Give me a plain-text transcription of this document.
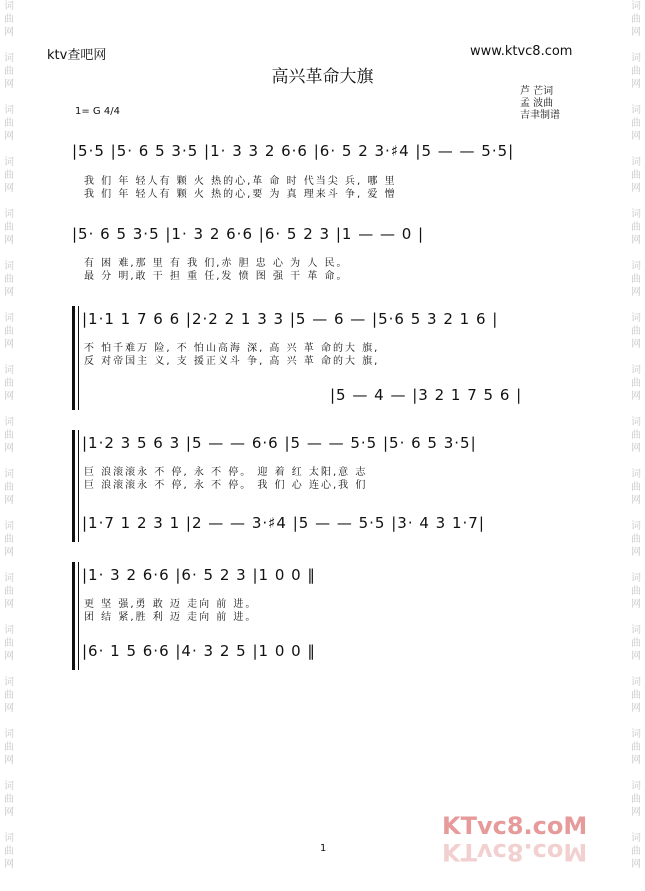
词
曲
网

词
曲
网

词
曲
网

词
曲
网

词
曲
网

词
曲
网

词
曲
网

词
曲
网

词
曲
网

词
曲
网

词
曲
网

词
曲
网

词
曲
网

词
曲
网

词
曲
网

词
曲
网

词
曲
网
词
曲
网

词
曲
网

词
曲
网

词
曲
网

词
曲
网

词
曲
网

词
曲
网

词
曲
网

词
曲
网

词
曲
网

词
曲
网

词
曲
网

词
曲
网

词
曲
网

词
曲
网

词
曲
网

词
曲
网
ktv查吧网	www.ktvc8.com
高兴革命大旗
芦 芒词
孟 波曲
吉聿制谱
1= G 4/4
|5·5 |5· 6 5 3·5 |1· 3 3 2 6·6 |6· 5 2 3·♯4 |5 — — 5·5|
我 们 年 轻人有 颗 火 热的心,革 命 时 代当尖 兵, 哪 里
我 们 年 轻人有 颗 火 热的心,要 为 真 理来斗 争, 爱 憎
|5· 6 5 3·5 |1· 3 2 6·6 |6· 5 2 3 |1 — — 0 |
有 困 难,那 里 有 我 们,赤 胆 忠 心 为 人 民。
最 分 明,敢 干 担 重 任,发 愤 图 强 干 革 命。
|1·1 1 7 6 6 |2·2 2 1 3 3 |5 — 6 — |5·6 5 3 2 1 6 |
不 怕千难万 险, 不 怕山高海 深, 高 兴 革 命的大 旗,
反 对帝国主 义, 支 援正义斗 争, 高 兴 革 命的大 旗,
|5 — 4 — |3 2 1 7 5 6 |
|1·2 3 5 6 3 |5 — — 6·6 |5 — — 5·5 |5· 6 5 3·5|
巨 浪滚滚永 不 停, 永 不 停。 迎 着 红 太阳,意 志
巨 浪滚滚永 不 停, 永 不 停。 我 们 心 连心,我 们
|1·7 1 2 3 1 |2 — — 3·♯4 |5 — — 5·5 |3· 4 3 1·7|
|1· 3 2 6·6 |6· 5 2 3 |1 0 0 ‖
更 坚 强,勇 敢 迈 走向 前 进。
团 结 紧,胜 利 迈 走向 前 进。
|6· 1 5 6·6 |4· 3 2 5 |1 0 0 ‖
1
KTvc8.coM
KTvc8.coM
